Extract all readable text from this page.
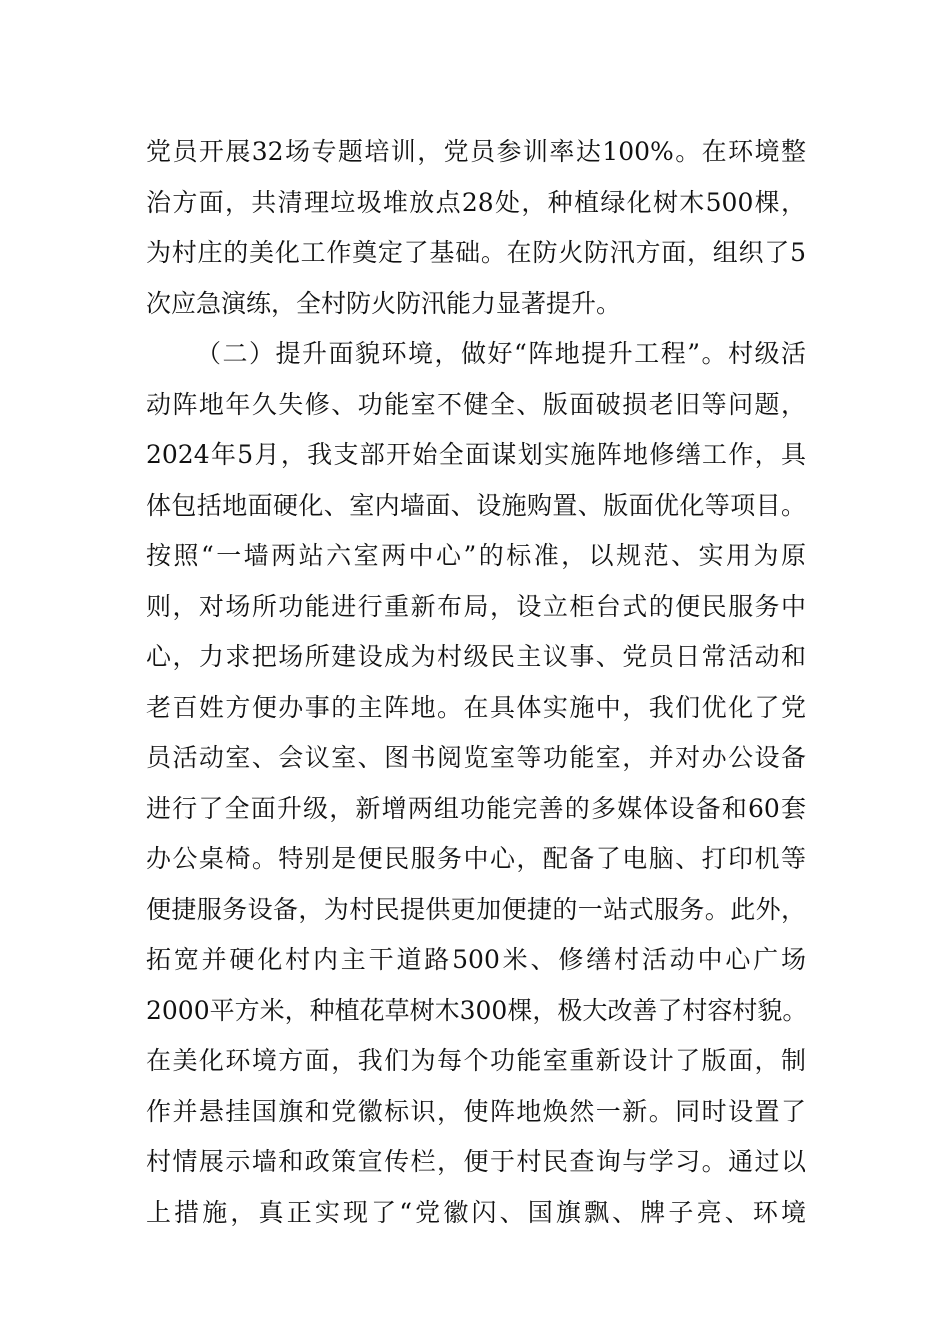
党员开展32场专题培训，党员参训率达100%。在环境整
治方面，共清理垃圾堆放点28处，种植绿化树木500棵，
为村庄的美化工作奠定了基础。在防火防汛方面，组织了5
次应急演练，全村防火防汛能力显著提升。
（二）提升面貌环境，做好“阵地提升工程”。村级活
动阵地年久失修、功能室不健全、版面破损老旧等问题，
2024年5月，我支部开始全面谋划实施阵地修缮工作，具
体包括地面硬化、室内墙面、设施购置、版面优化等项目。
按照“一墙两站六室两中心”的标准，以规范、实用为原
则，对场所功能进行重新布局，设立柜台式的便民服务中
心，力求把场所建设成为村级民主议事、党员日常活动和
老百姓方便办事的主阵地。在具体实施中，我们优化了党
员活动室、会议室、图书阅览室等功能室，并对办公设备
进行了全面升级，新增两组功能完善的多媒体设备和60套
办公桌椅。特别是便民服务中心，配备了电脑、打印机等
便捷服务设备，为村民提供更加便捷的一站式服务。此外，
拓宽并硬化村内主干道路500米、修缮村活动中心广场
2000平方米，种植花草树木300棵，极大改善了村容村貌。
在美化环境方面，我们为每个功能室重新设计了版面，制
作并悬挂国旗和党徽标识，使阵地焕然一新。同时设置了
村情展示墙和政策宣传栏，便于村民查询与学习。通过以
上措施，真正实现了“党徽闪、国旗飘、牌子亮、环境
